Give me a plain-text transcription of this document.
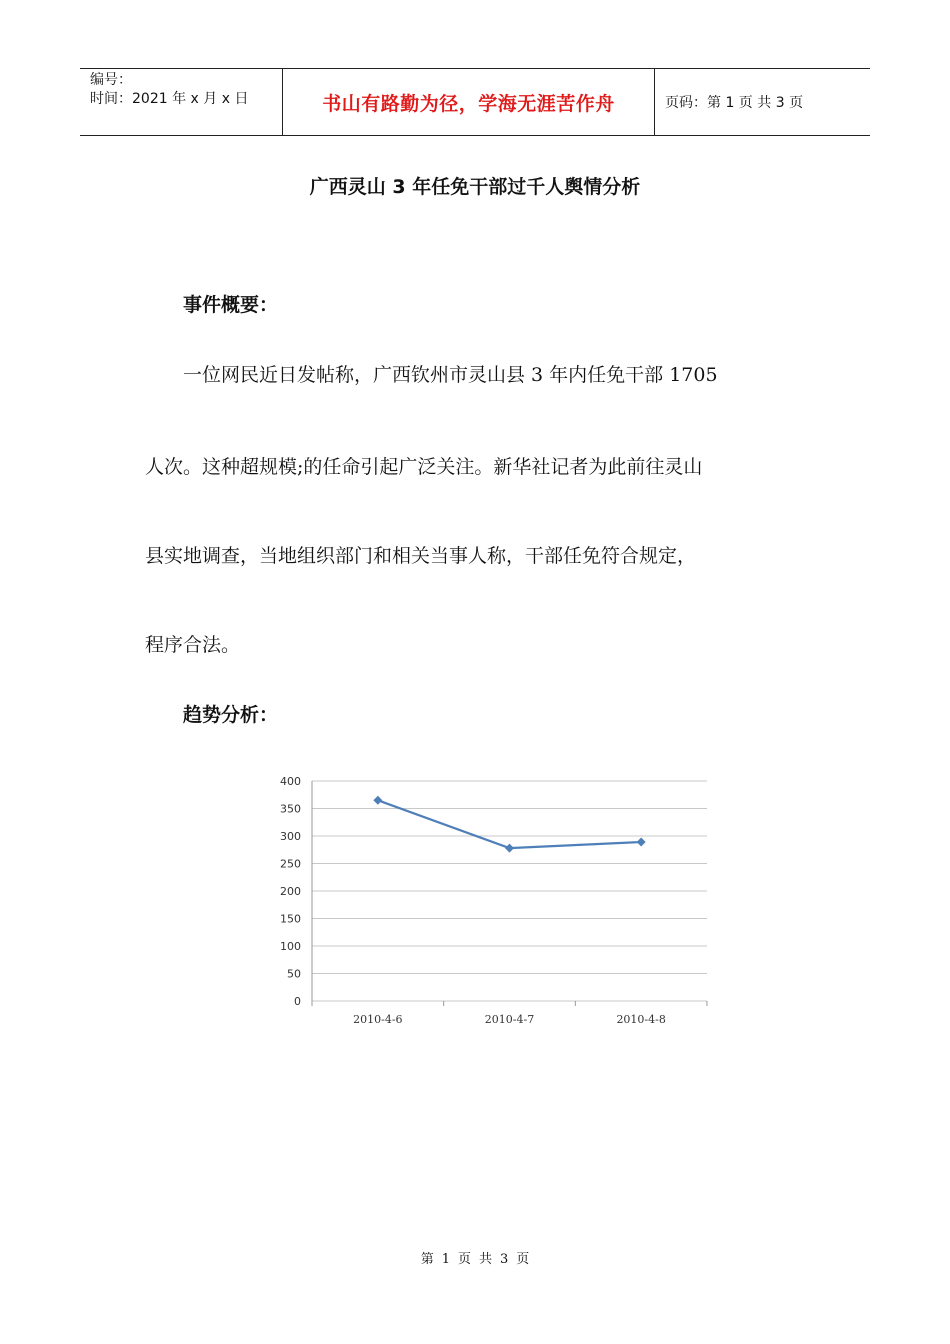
编号：
时间：2021 年 x 月 x 日	书山有路勤为径，学海无涯苦作舟	页码：第 1 页 共 3 页
广西灵山 3 年任免干部过千人舆情分析
事件概要：
一位网民近日发帖称，广西钦州市灵山县 3 年内任免干部 1705
人次。这种超规模;的任命引起广泛关注。新华社记者为此前往灵山
县实地调查，当地组织部门和相关当事人称，干部任免符合规定，
程序合法。
趋势分析：
0
50
100
150
200
250
300
350
400
2010-4-6	2010-4-7	2010-4-8
第 1 页 共 3 页
